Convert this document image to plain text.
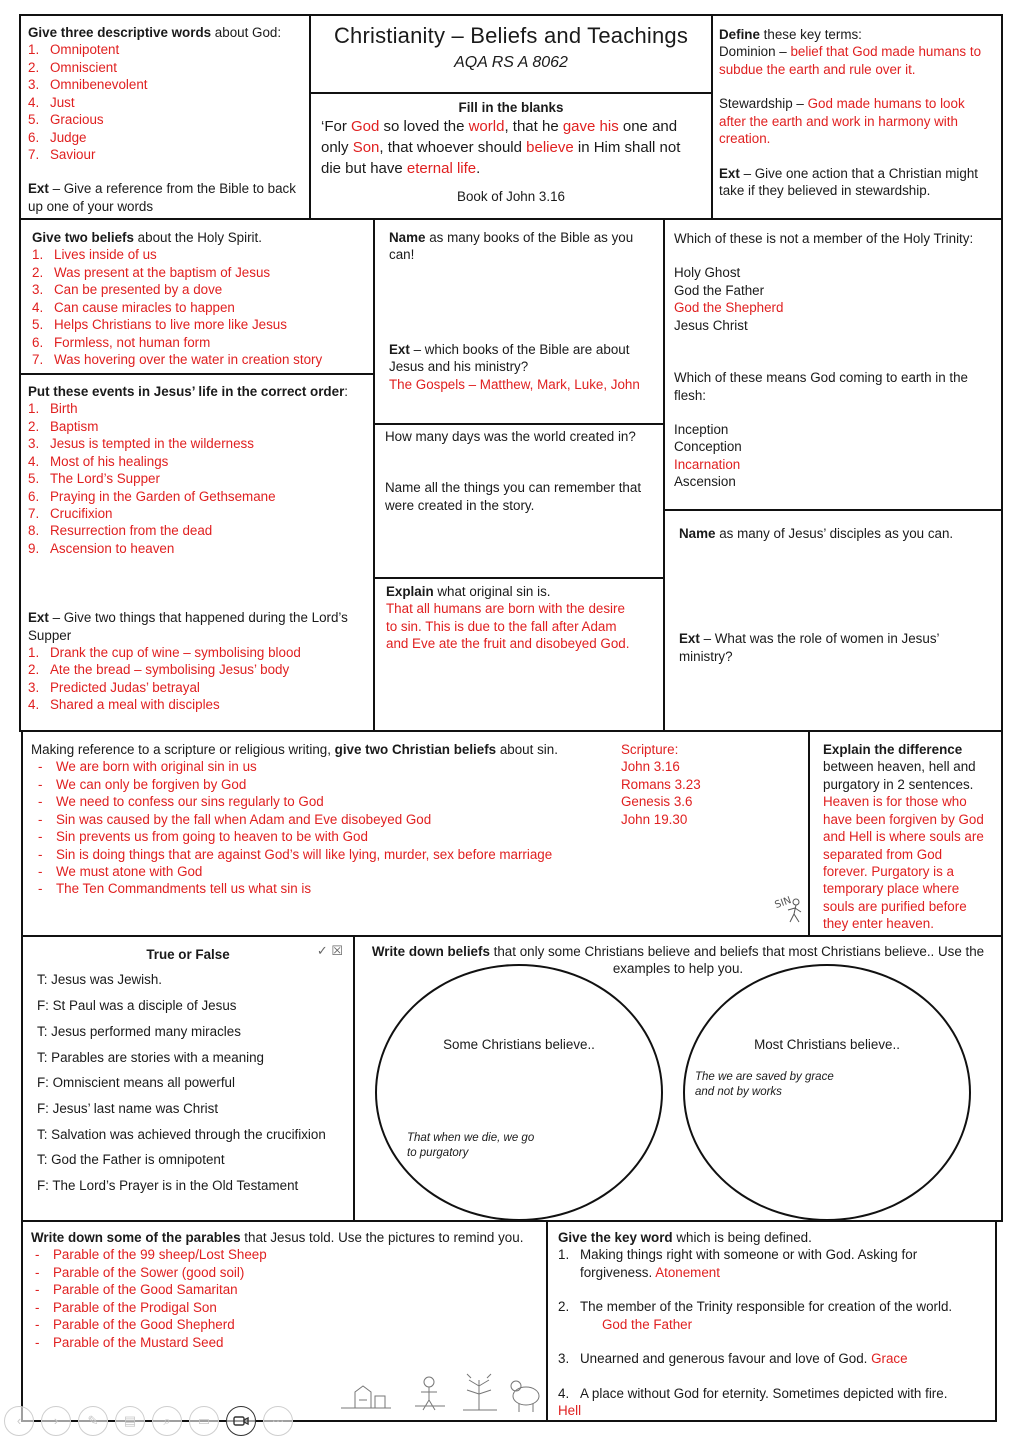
Give three descriptive words about God:

1. Omnipotent
2. Omniscient
3. Omnibenevolent
4. Just
5. Gracious
6. Judge
7. Saviour

Ext – Give a reference from the Bible to back up one of your words

Christianity – Beliefs and Teachings
AQA RS A 8062

Fill in the blanks

‘For God so loved the world, that he gave his one and only Son, that whoever should believe in Him shall not die but have eternal life.

Book of John 3.16

Define these key terms:

Dominion – belief that God made humans to subdue the earth and rule over it.

Stewardship – God made humans to look after the earth and work in harmony with creation.

Ext – Give one action that a Christian might take if they believed in stewardship.

Give two beliefs about the Holy Spirit.

1. Lives inside of us
2. Was present at the baptism of Jesus
3. Can be presented by a dove
4. Can cause miracles to happen
5. Helps Christians to live more like Jesus
6. Formless, not human form
7. Was hovering over the water in creation story

Put these events in Jesus’ life in the correct order:

1. Birth
2. Baptism
3. Jesus is tempted in the wilderness
4. Most of his healings
5. The Lord’s Supper
6. Praying in the Garden of Gethsemane
7. Crucifixion
8. Resurrection from the dead
9. Ascension to heaven

Ext – Give two things that happened during the Lord’s Supper

1. Drank the cup of wine – symbolising blood
2. Ate the bread – symbolising Jesus’ body
3. Predicted Judas’ betrayal
4. Shared a meal with disciples

Name as many books of the Bible as you can!

Ext – which books of the Bible are about Jesus and his ministry?

The Gospels – Matthew, Mark, Luke, John

How many days was the world created in?

Name all the things you can remember that were created in the story.

Explain what original sin is.

That all humans are born with the desire to sin. This is due to the fall after Adam and Eve ate the fruit and disobeyed God.

Which of these is not a member of the Holy Trinity:

Holy Ghost

God the Father

God the Shepherd

Jesus Christ

Which of these means God coming to earth in the flesh:

Inception

Conception

Incarnation

Ascension

Name as many of Jesus’ disciples as you can.

Ext – What was the role of women in Jesus’ ministry?

Making reference to a scripture or religious writing, give two Christian beliefs about sin.

- We are born with original sin in us
- We can only be forgiven by God
- We need to confess our sins regularly to God
- Sin was caused by the fall when Adam and Eve disobeyed God
- Sin prevents us from going to heaven to be with God
- Sin is doing things that are against God’s will like lying, murder, sex before marriage
- We must atone with God
- The Ten Commandments tell us what sin is

Scripture:

John 3.16

Romans 3.23

Genesis 3.6

John 19.30

SIN

Explain the difference between heaven, hell and purgatory in 2 sentences.

Heaven is for those who have been forgiven by God and Hell is where souls are separated from God forever. Purgatory is a temporary place where souls are purified before they enter heaven.

True or False	✓ ☒

T: Jesus was Jewish.

F: St Paul was a disciple of Jesus

T: Jesus performed many miracles

T: Parables are stories with a meaning

F: Omniscient means all powerful

F: Jesus’ last name was Christ

T: Salvation was achieved through the crucifixion

T: God the Father is omnipotent

F: The Lord’s Prayer is in the Old Testament

Write down beliefs that only some Christians believe and beliefs that most Christians believe.. Use the examples to help you.

Some Christians believe..

That when we die, we go to purgatory

Most Christians believe..

The we are saved by grace and not by works

Write down some of the parables that Jesus told. Use the pictures to remind you.

- Parable of the 99 sheep/Lost Sheep
- Parable of the Sower (good soil)
- Parable of the Good Samaritan
- Parable of the Prodigal Son
- Parable of the Good Shepherd
- Parable of the Mustard Seed

Give the key word which is being defined.

1. Making things right with someone or with God. Asking for forgiveness. Atonement
2. The member of the Trinity responsible for creation of the world.
God the Father
3. Unearned and generous favour and love of God. Grace
4. A place without God for eternity. Sometimes depicted with fire.
Hell
‹	›	✎	▤	⌕	▭	···
